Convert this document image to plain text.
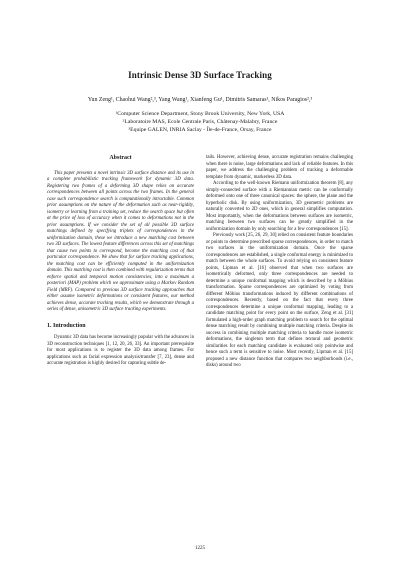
Intrinsic Dense 3D Surface Tracking
Yun Zeng¹, Chaohui Wang²,³, Yang Wang¹, Xianfeng Gu¹, Dimitris Samaras¹, Nikos Paragios²,³
¹Computer Science Department, Stony Brook University, New York, USA
²Laboratoire MAS, Ecole Centrale Paris, Châtenay-Malabry, France
³Equipe GALEN, INRIA Saclay - Île-de-France, Orsay, France
Abstract

This paper presents a novel intrinsic 3D surface distance and its use in a complete probabilistic tracking framework for dynamic 3D data. Registering two frames of a deforming 3D shape relies on accurate correspondences between all points across the two frames. In the general case such correspondence search is computationally intractable. Common prior assumptions on the nature of the deformation such as near-rigidity, isometry or learning from a training set, reduce the search space but often at the price of loss of accuracy when it comes to deformations not in the prior assumptions. If we consider the set of all possible 3D surface matchings defined by specifying triplets of correspondences in the uniformization domain, these we introduce a new matching cost between two 3D surfaces. The lowest feature differences across this set of matchings that cause two points to correspond, become the matching cost of that particular correspondence. We show that for surface tracking applications, the matching cost can be efficiently computed in the uniformization domain. This matching cost is then combined with regularization terms that enforce spatial and temporal motion consistencies, into a maximum a posteriori (MAP) problem which we approximate using a Markov Random Field (MRF). Compared to previous 3D surface tracking approaches that either assume isometric deformations or consistent features, our method achieves dense, accurate tracking results, which we demonstrate through a series of dense, anisometric 3D surface tracking experiments.

1. Introduction

Dynamic 3D data has become increasingly popular with the advances in 3D reconstruction techniques [1, 12, 20, 26, 33]. An important prerequisite for most applications is to register the 3D data among frames. For applications such as facial expression analysis/transfer [7, 23], dense and accurate registration is highly desired for capturing subtle de-

tails. However, achieving dense, accurate registration remains challenging when there is noise, large deformations and lack of reliable features. In this paper, we address the challenging problem of tracking a deformable template from dynamic, markerless 3D data.

According to the well-known Riemann uniformization theorem [8], any simply-connected surface with a Riemannian metric can be conformally deformed onto one of three canonical spaces: the sphere, the plane and the hyperbolic disk. By using uniformization, 3D geometric problems are naturally converted to 2D ones, which in general simplifies computation. Most importantly, when the deformations between surfaces are isometric, matching between two surfaces can be greatly simplified in the uniformization domain by only searching for a few correspondences [15].

Previously work [25, 26, 29, 30] relied on consistent feature boundaries or points to determine prescribed sparse correspondences, in order to match two surfaces in the uniformization domain. Once the sparse correspondences are established, a single conformal energy is minimized to match between the whole surfaces. To avoid relying on consistent feature points, Lipman et al. [16] observed that when two surfaces are isometrically deformed, only three correspondences are needed to determine a unique conformal mapping which is described by a Möbius transformation. Sparse correspondences are optimized by voting from different Möbius transformations induced by different combinations of correspondences. Recently, based on the fact that every three correspondences determine a unique conformal mapping, leading to a candidate matching point for every point on the surface, Zeng et al. [31] formulated a high-order graph matching problem to search for the optimal dense matching result by combining multiple matching criteria. Despite its success in combining multiple matching criteria to handle more isometric deformations, the singleton term that defines textural and geometric similarities for each matching candidate is evaluated only pointwise and hence such a term is sensitive to noise. Most recently, Lipman et al. [15] proposed a new distance function that compares two neighborhoods (i.e., disks) around two

1225
